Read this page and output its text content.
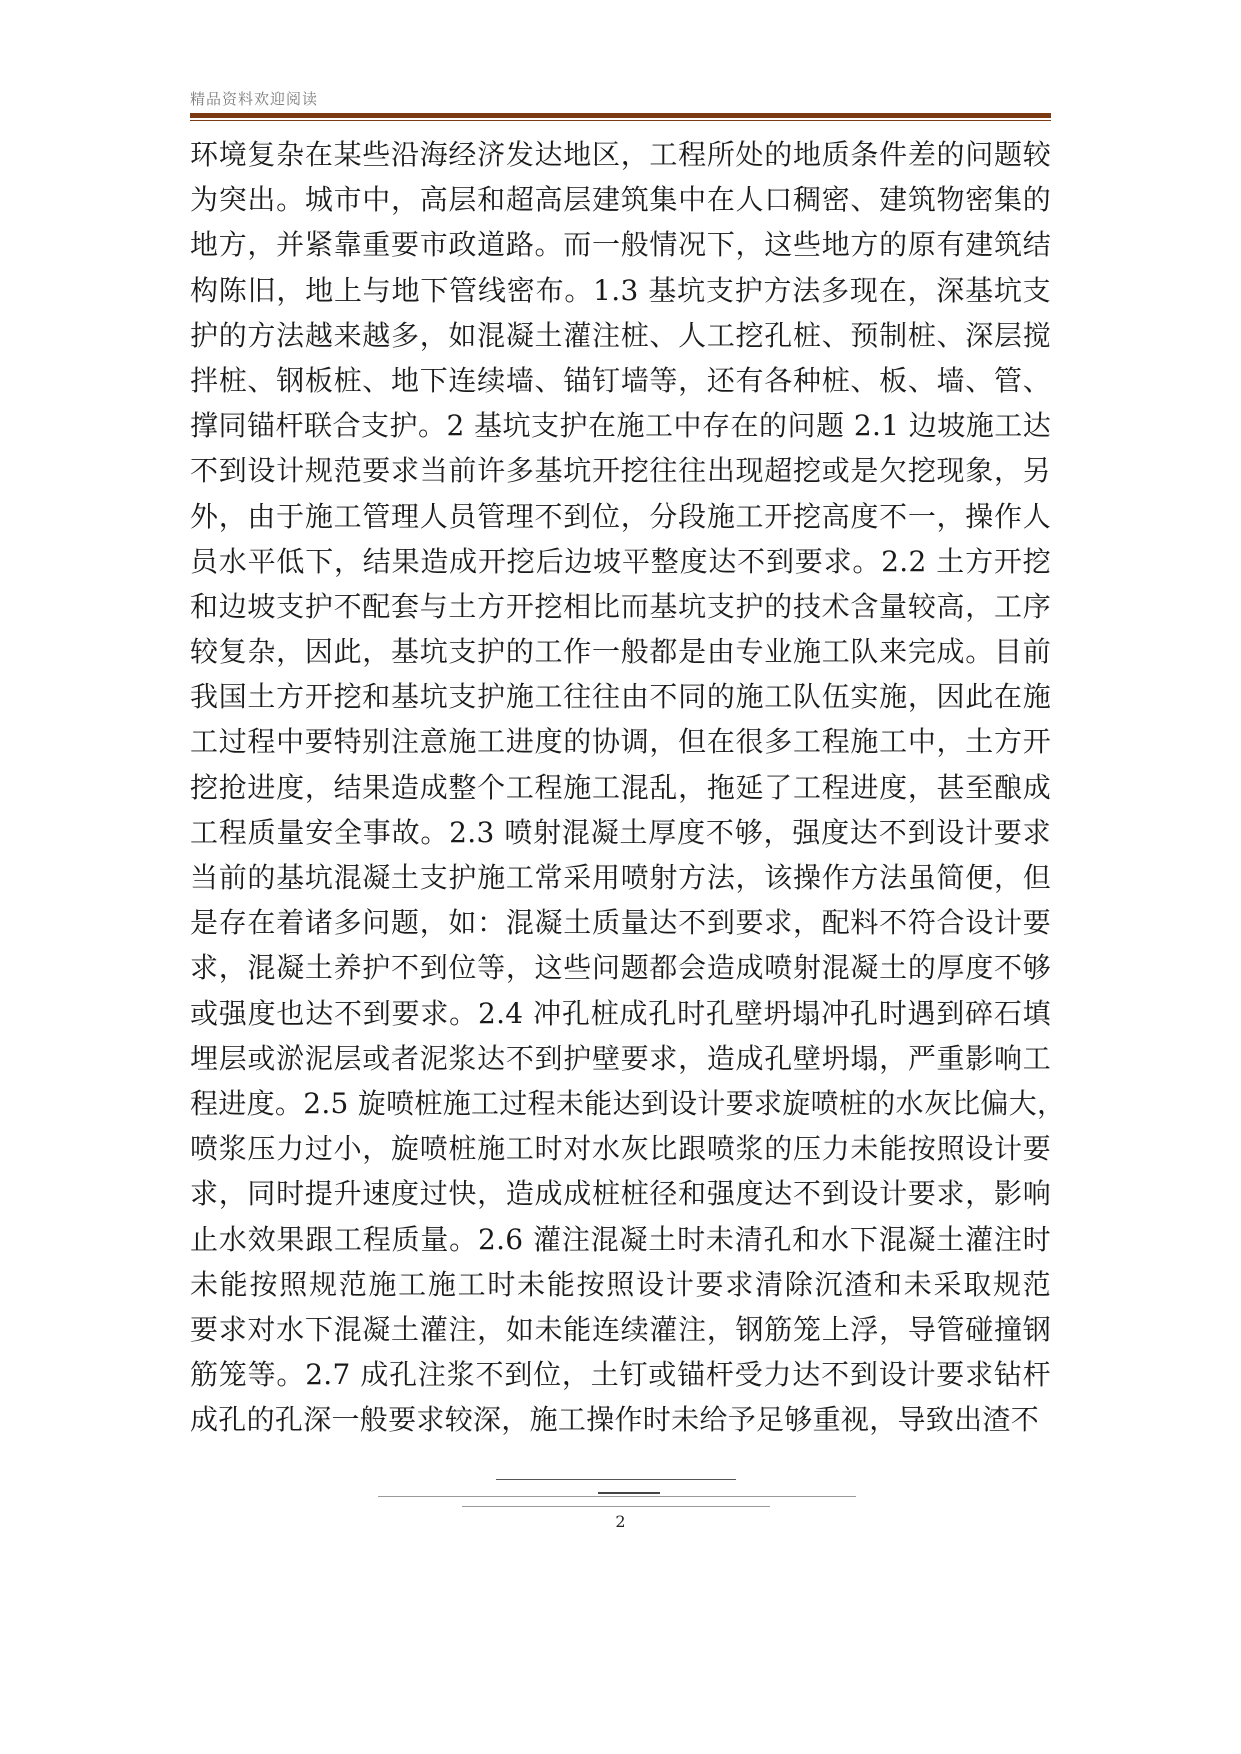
精品资料欢迎阅读
环境复杂在某些沿海经济发达地区，工程所处的地质条件差的问题较
为突出。城市中，高层和超高层建筑集中在人口稠密、建筑物密集的
地方，并紧靠重要市政道路。而一般情况下，这些地方的原有建筑结
构陈旧，地上与地下管线密布。1.3 基坑支护方法多现在，深基坑支
护的方法越来越多，如混凝土灌注桩、人工挖孔桩、预制桩、深层搅
拌桩、钢板桩、地下连续墙、锚钉墙等，还有各种桩、板、墙、管、
撑同锚杆联合支护。2 基坑支护在施工中存在的问题 2.1 边坡施工达
不到设计规范要求当前许多基坑开挖往往出现超挖或是欠挖现象，另
外，由于施工管理人员管理不到位，分段施工开挖高度不一，操作人
员水平低下，结果造成开挖后边坡平整度达不到要求。2.2 土方开挖
和边坡支护不配套与土方开挖相比而基坑支护的技术含量较高，工序
较复杂，因此，基坑支护的工作一般都是由专业施工队来完成。目前
我国土方开挖和基坑支护施工往往由不同的施工队伍实施，因此在施
工过程中要特别注意施工进度的协调，但在很多工程施工中，土方开
挖抢进度，结果造成整个工程施工混乱，拖延了工程进度，甚至酿成
工程质量安全事故。2.3 喷射混凝土厚度不够，强度达不到设计要求
当前的基坑混凝土支护施工常采用喷射方法，该操作方法虽简便，但
是存在着诸多问题，如：混凝土质量达不到要求，配料不符合设计要
求，混凝土养护不到位等，这些问题都会造成喷射混凝土的厚度不够
或强度也达不到要求。2.4 冲孔桩成孔时孔壁坍塌冲孔时遇到碎石填
埋层或淤泥层或者泥浆达不到护壁要求，造成孔壁坍塌，严重影响工
程进度。2.5 旋喷桩施工过程未能达到设计要求旋喷桩的水灰比偏大，
喷浆压力过小，旋喷桩施工时对水灰比跟喷浆的压力未能按照设计要
求，同时提升速度过快，造成成桩桩径和强度达不到设计要求，影响
止水效果跟工程质量。2.6 灌注混凝土时未清孔和水下混凝土灌注时
未能按照规范施工施工时未能按照设计要求清除沉渣和未采取规范
要求对水下混凝土灌注，如未能连续灌注，钢筋笼上浮，导管碰撞钢
筋笼等。2.7 成孔注浆不到位，土钉或锚杆受力达不到设计要求钻杆
成孔的孔深一般要求较深，施工操作时未给予足够重视，导致出渣不
2
